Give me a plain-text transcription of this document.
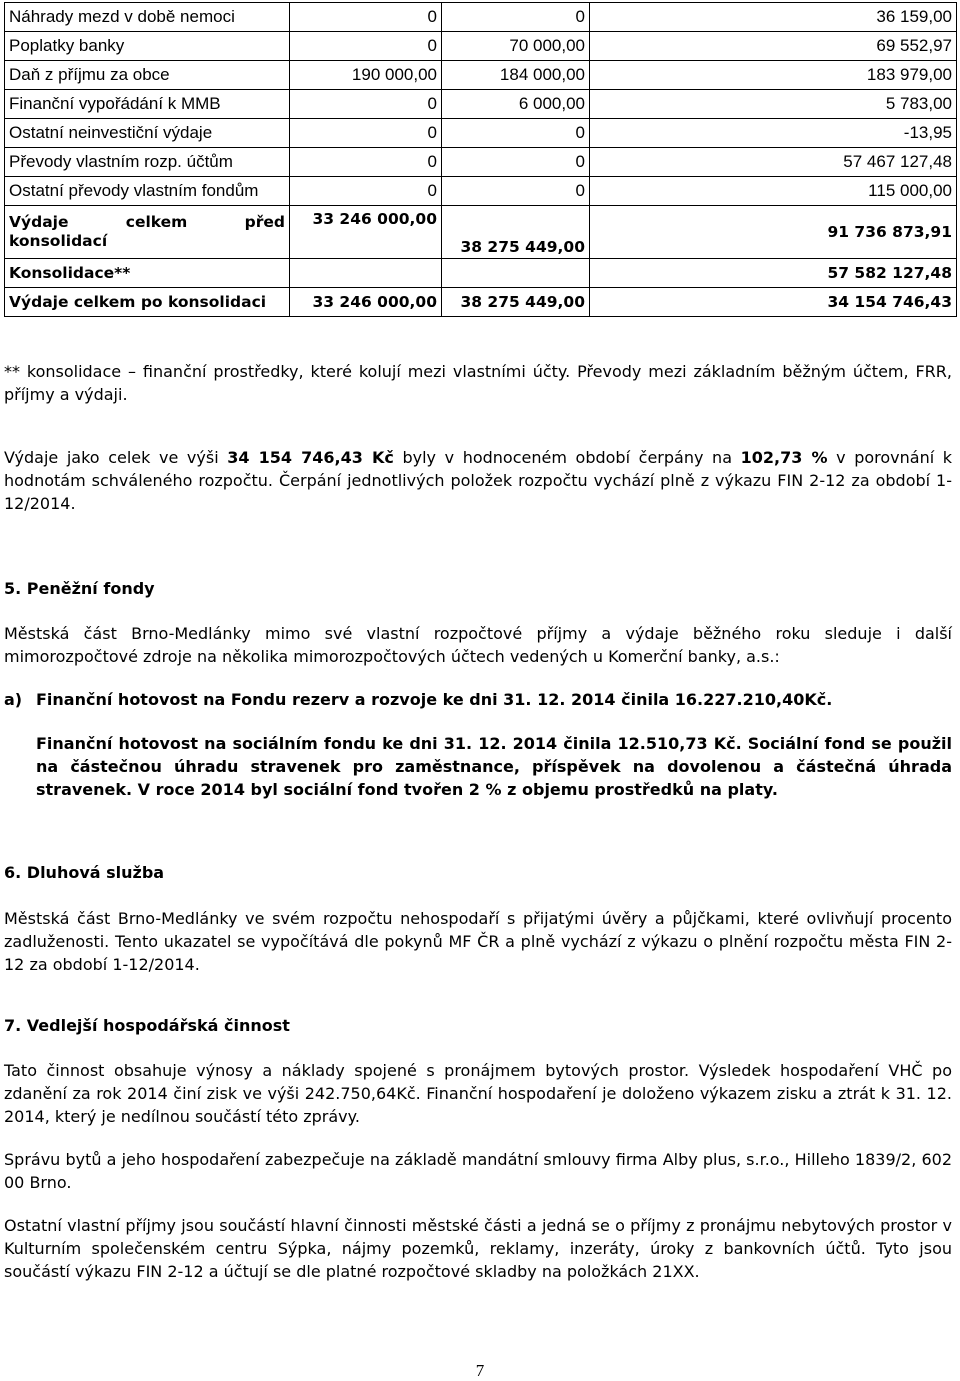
Náhrady mezd v době nemoci	0	0	36 159,00
Poplatky banky	0	70 000,00	69 552,97
Daň z příjmu za obce	190 000,00	184 000,00	183 979,00
Finanční vypořádání k MMB	0	6 000,00	5 783,00
Ostatní neinvestiční výdaje	0	0	-13,95
Převody vlastním rozp. účtům	0	0	57 467 127,48
Ostatní převody vlastním fondům	0	0	115 000,00

Výdaje celkem před
konsolidací	33 246 000,00	38 275 449,00	91 736 873,91
Konsolidace**			57 582 127,48
Výdaje celkem po konsolidaci	33 246 000,00	38 275 449,00	34 154 746,43
** konsolidace – finanční prostředky, které kolují mezi vlastními účty. Převody mezi základním běžným účtem, FRR, příjmy a výdaji.
Výdaje jako celek ve výši 34 154 746,43 Kč byly v hodnoceném období čerpány na 102,73 % v porovnání k hodnotám schváleného rozpočtu. Čerpání jednotlivých položek rozpočtu vychází plně z výkazu FIN 2-12 za období 1-12/2014.
5. Peněžní fondy
Městská část Brno-Medlánky mimo své vlastní rozpočtové příjmy a výdaje běžného roku sleduje i další mimorozpočtové zdroje na několika mimorozpočtových účtech vedených u Komerční banky, a.s.:
a) Finanční hotovost na Fondu rezerv a rozvoje ke dni 31. 12. 2014 činila 16.227.210,40Kč.
Finanční hotovost na sociálním fondu ke dni 31. 12. 2014 činila 12.510,73 Kč. Sociální fond se použil na částečnou úhradu stravenek pro zaměstnance, příspěvek na dovolenou a částečná úhrada stravenek. V roce 2014 byl sociální fond tvořen 2 % z objemu prostředků na platy.
6. Dluhová služba
Městská část Brno-Medlánky ve svém rozpočtu nehospodaří s přijatými úvěry a půjčkami, které ovlivňují procento zadluženosti. Tento ukazatel se vypočítává dle pokynů MF ČR a plně vychází z výkazu o plnění rozpočtu města FIN 2-12 za období 1-12/2014.
7. Vedlejší hospodářská činnost
Tato činnost obsahuje výnosy a náklady spojené s pronájmem bytových prostor. Výsledek hospodaření VHČ po zdanění za rok 2014 činí zisk ve výši 242.750,64Kč. Finanční hospodaření je doloženo výkazem zisku a ztrát k 31. 12. 2014, který je nedílnou součástí této zprávy.
Správu bytů a jeho hospodaření zabezpečuje na základě mandátní smlouvy firma Alby plus, s.r.o., Hilleho 1839/2, 602 00 Brno.
Ostatní vlastní příjmy jsou součástí hlavní činnosti městské části a jedná se o příjmy z pronájmu nebytových prostor v Kulturním společenském centru Sýpka, nájmy pozemků, reklamy, inzeráty, úroky z bankovních účtů. Tyto jsou součástí výkazu FIN 2-12 a účtují se dle platné rozpočtové skladby na položkách 21XX.
7
